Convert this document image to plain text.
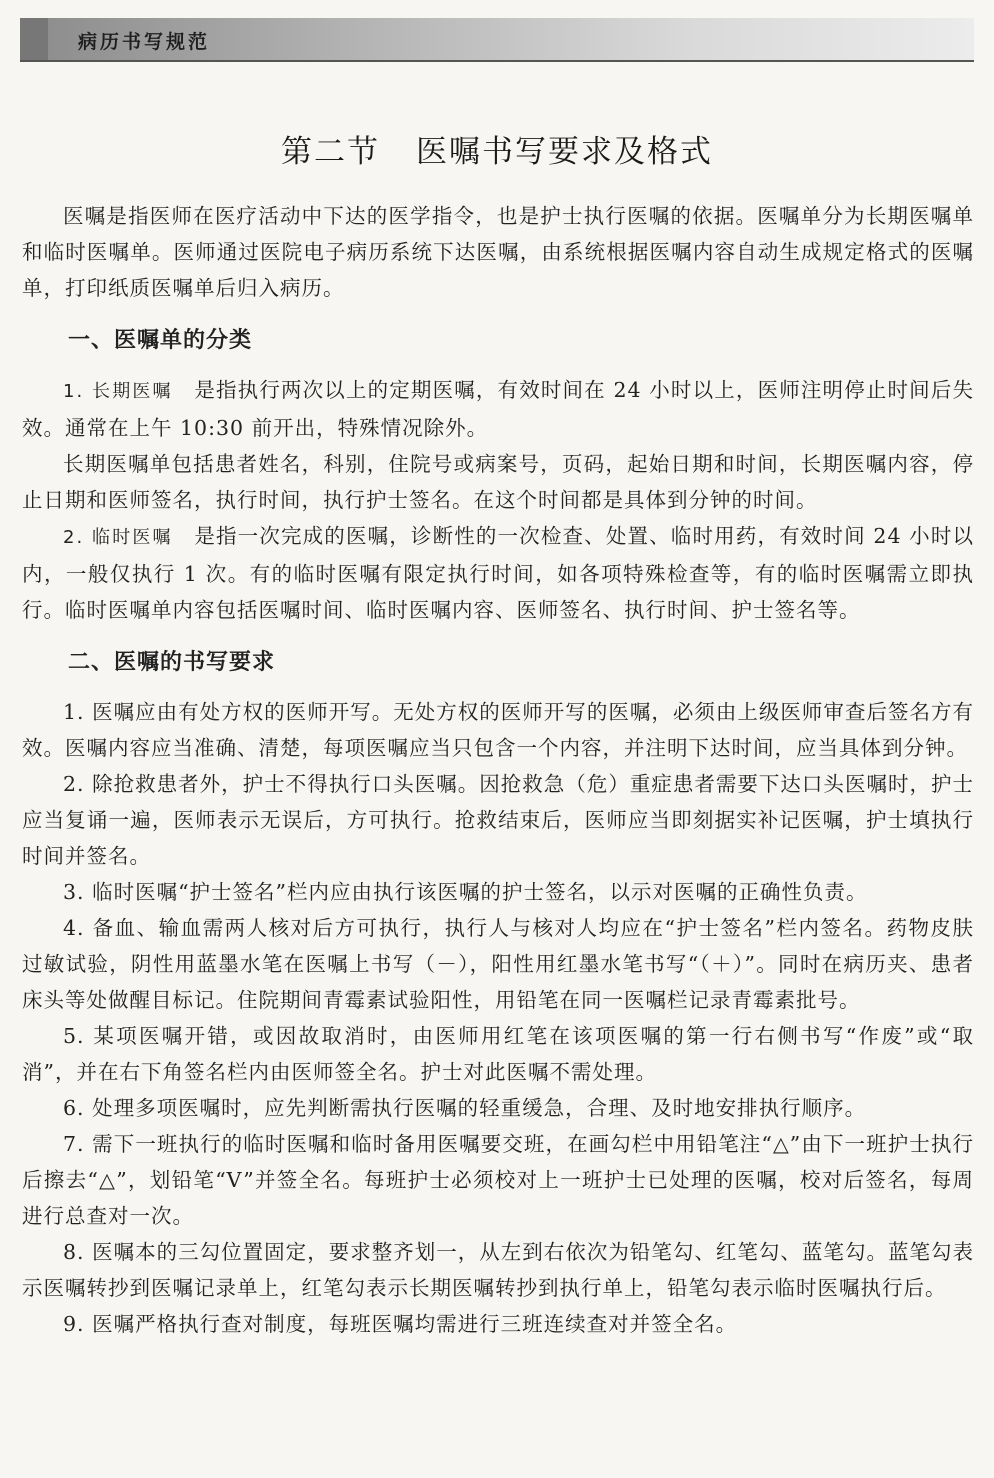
病历书写规范
第二节 医嘱书写要求及格式

医嘱是指医师在医疗活动中下达的医学指令，也是护士执行医嘱的依据。医嘱单分为长期医嘱单和临时医嘱单。医师通过医院电子病历系统下达医嘱，由系统根据医嘱内容自动生成规定格式的医嘱单，打印纸质医嘱单后归入病历。

一、医嘱单的分类

1. 长期医嘱　是指执行两次以上的定期医嘱，有效时间在 24 小时以上，医师注明停止时间后失效。通常在上午 10:30 前开出，特殊情况除外。

长期医嘱单包括患者姓名，科别，住院号或病案号，页码，起始日期和时间，长期医嘱内容，停止日期和医师签名，执行时间，执行护士签名。在这个时间都是具体到分钟的时间。

2. 临时医嘱　是指一次完成的医嘱，诊断性的一次检查、处置、临时用药，有效时间 24 小时以内，一般仅执行 1 次。有的临时医嘱有限定执行时间，如各项特殊检查等，有的临时医嘱需立即执行。临时医嘱单内容包括医嘱时间、临时医嘱内容、医师签名、执行时间、护士签名等。

二、医嘱的书写要求

1. 医嘱应由有处方权的医师开写。无处方权的医师开写的医嘱，必须由上级医师审查后签名方有效。医嘱内容应当准确、清楚，每项医嘱应当只包含一个内容，并注明下达时间，应当具体到分钟。

2. 除抢救患者外，护士不得执行口头医嘱。因抢救急（危）重症患者需要下达口头医嘱时，护士应当复诵一遍，医师表示无误后，方可执行。抢救结束后，医师应当即刻据实补记医嘱，护士填执行时间并签名。

3. 临时医嘱“护士签名”栏内应由执行该医嘱的护士签名，以示对医嘱的正确性负责。

4. 备血、输血需两人核对后方可执行，执行人与核对人均应在“护士签名”栏内签名。药物皮肤过敏试验，阴性用蓝墨水笔在医嘱上书写（－），阳性用红墨水笔书写“（＋）”。同时在病历夹、患者床头等处做醒目标记。住院期间青霉素试验阳性，用铅笔在同一医嘱栏记录青霉素批号。

5. 某项医嘱开错，或因故取消时，由医师用红笔在该项医嘱的第一行右侧书写“作废”或“取消”，并在右下角签名栏内由医师签全名。护士对此医嘱不需处理。

6. 处理多项医嘱时，应先判断需执行医嘱的轻重缓急，合理、及时地安排执行顺序。

7. 需下一班执行的临时医嘱和临时备用医嘱要交班，在画勾栏中用铅笔注“△”由下一班护士执行后擦去“△”，划铅笔“V”并签全名。每班护士必须校对上一班护士已处理的医嘱，校对后签名，每周进行总查对一次。

8. 医嘱本的三勾位置固定，要求整齐划一，从左到右依次为铅笔勾、红笔勾、蓝笔勾。蓝笔勾表示医嘱转抄到医嘱记录单上，红笔勾表示长期医嘱转抄到执行单上，铅笔勾表示临时医嘱执行后。

9. 医嘱严格执行查对制度，每班医嘱均需进行三班连续查对并签全名。
